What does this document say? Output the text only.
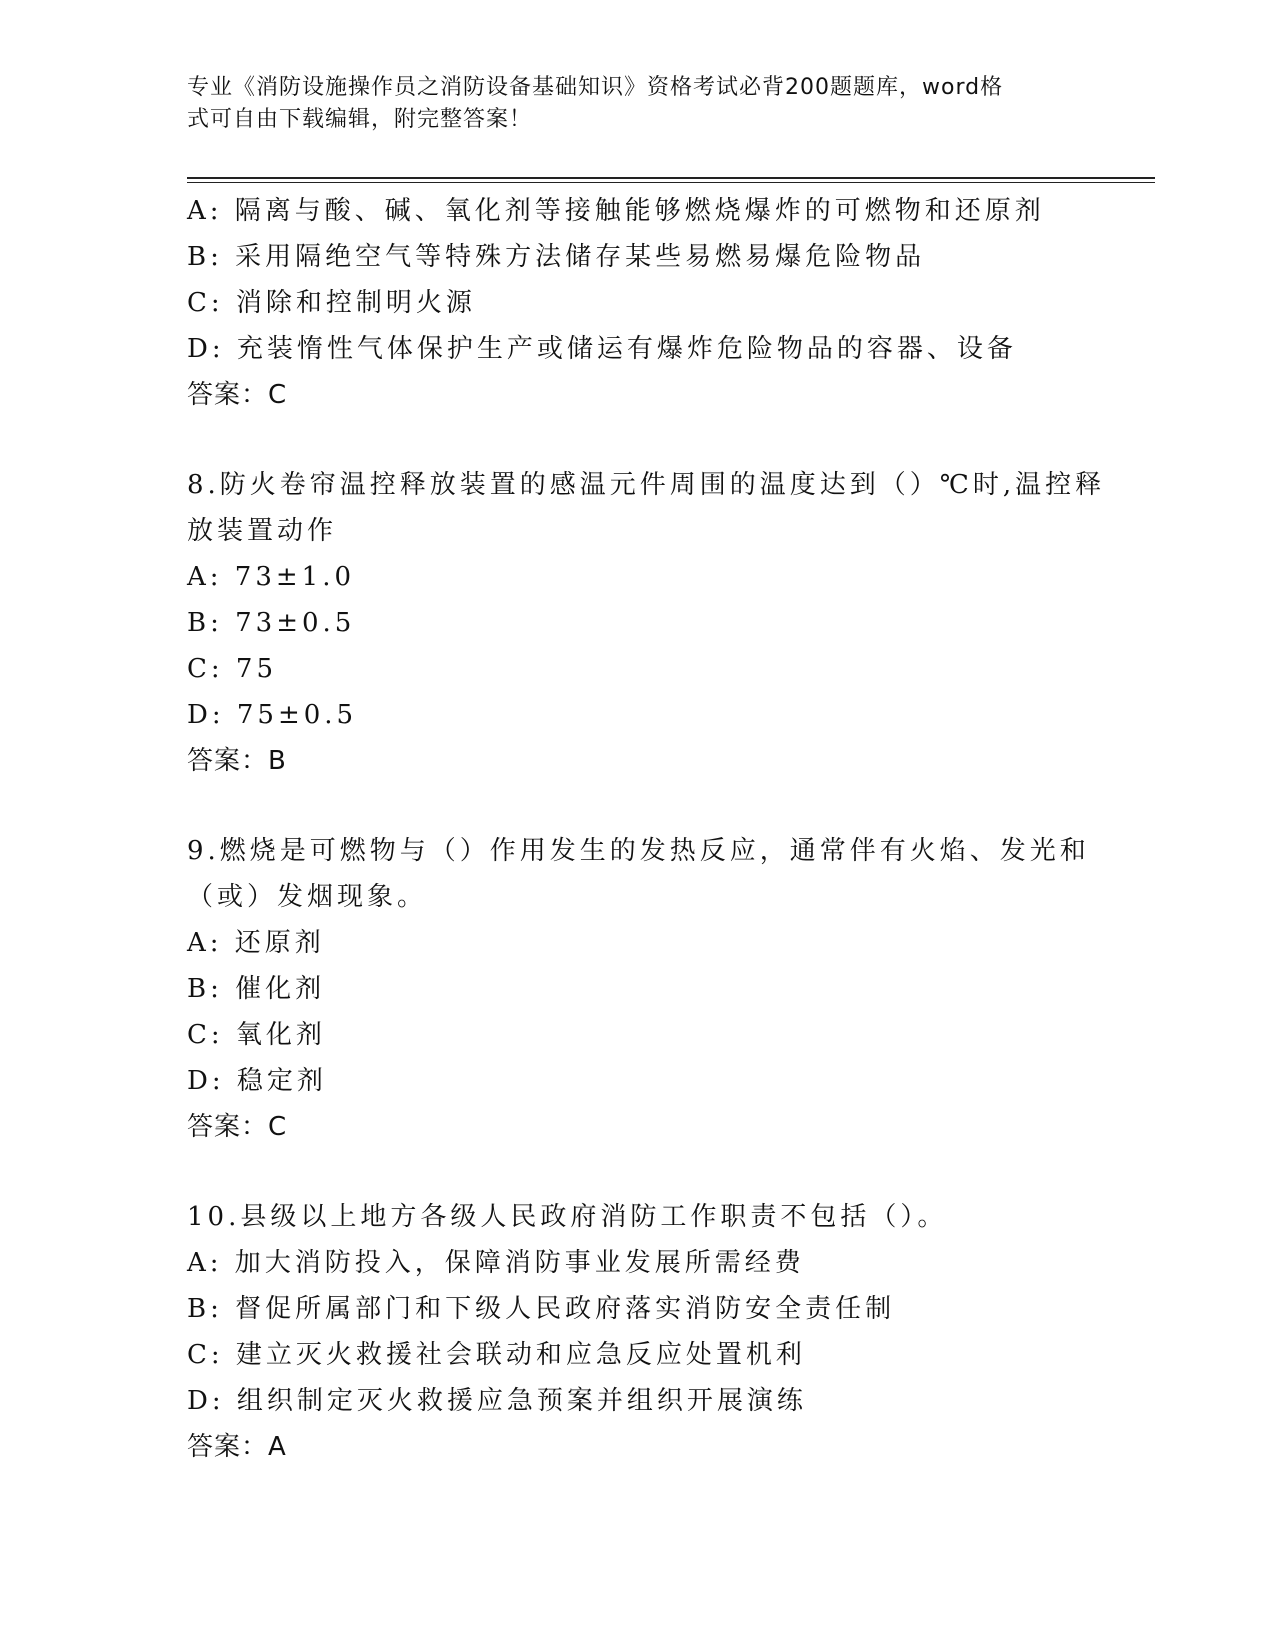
专业《消防设施操作员之消防设备基础知识》资格考试必背200题题库，word格
式可自由下载编辑，附完整答案！
A: 隔离与酸、碱、氧化剂等接触能够燃烧爆炸的可燃物和还原剂
B: 采用隔绝空气等特殊方法储存某些易燃易爆危险物品
C: 消除和控制明火源
D: 充装惰性气体保护生产或储运有爆炸危险物品的容器、设备
答案：C
8.防火卷帘温控释放装置的感温元件周围的温度达到（）℃时,温控释
放装置动作
A: 73±1.0
B: 73±0.5
C: 75
D: 75±0.5
答案：B
9.燃烧是可燃物与（）作用发生的发热反应，通常伴有火焰、发光和
（或）发烟现象。
A: 还原剂
B: 催化剂
C: 氧化剂
D: 稳定剂
答案：C
10.县级以上地方各级人民政府消防工作职责不包括（）。
A: 加大消防投入，保障消防事业发展所需经费
B: 督促所属部门和下级人民政府落实消防安全责任制
C: 建立灭火救援社会联动和应急反应处置机利
D: 组织制定灭火救援应急预案并组织开展演练
答案：A
